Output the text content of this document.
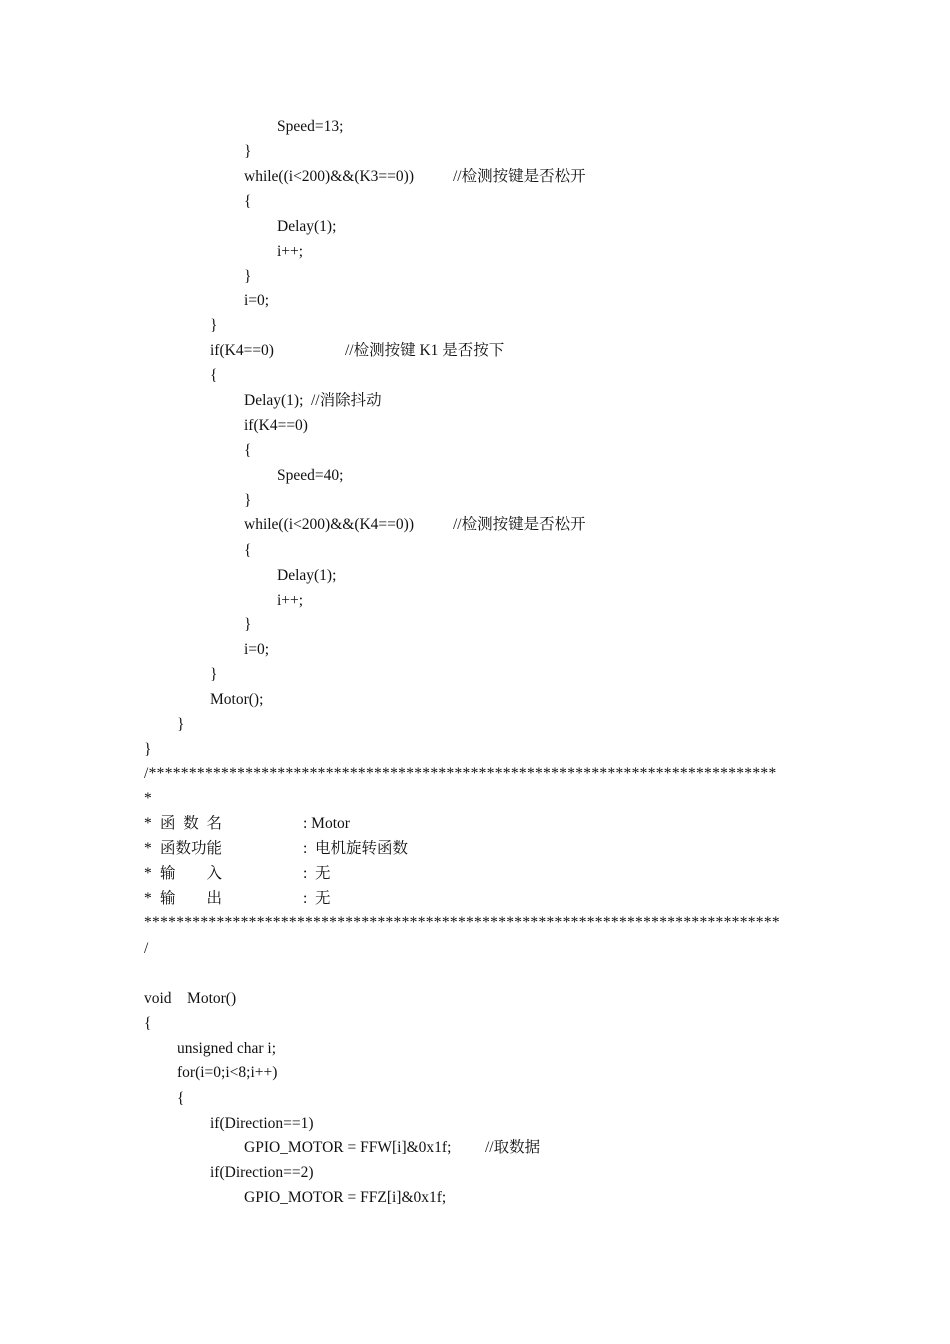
Speed=13;
}
while((i<200)&&(K3==0))	//检测按键是否松开
{
Delay(1);
i++;
}
i=0;
}
if(K4==0)	//检测按键 K1 是否按下
{
Delay(1); //消除抖动
if(K4==0)
{
Speed=40;
}
while((i<200)&&(K4==0))	//检测按键是否松开
{
Delay(1);
i++;
}
i=0;
}
Motor();
}
}
/******************************************************************************
*
* 函  数  名	: Motor
* 函数功能	:  电机旋转函数
* 输        入	:  无
* 输        出	:  无
*******************************************************************************
/
void    Motor()
{
unsigned char i;
for(i=0;i<8;i++)
{
if(Direction==1)
GPIO_MOTOR = FFW[i]&0x1f; //取数据
if(Direction==2)
GPIO_MOTOR = FFZ[i]&0x1f;
